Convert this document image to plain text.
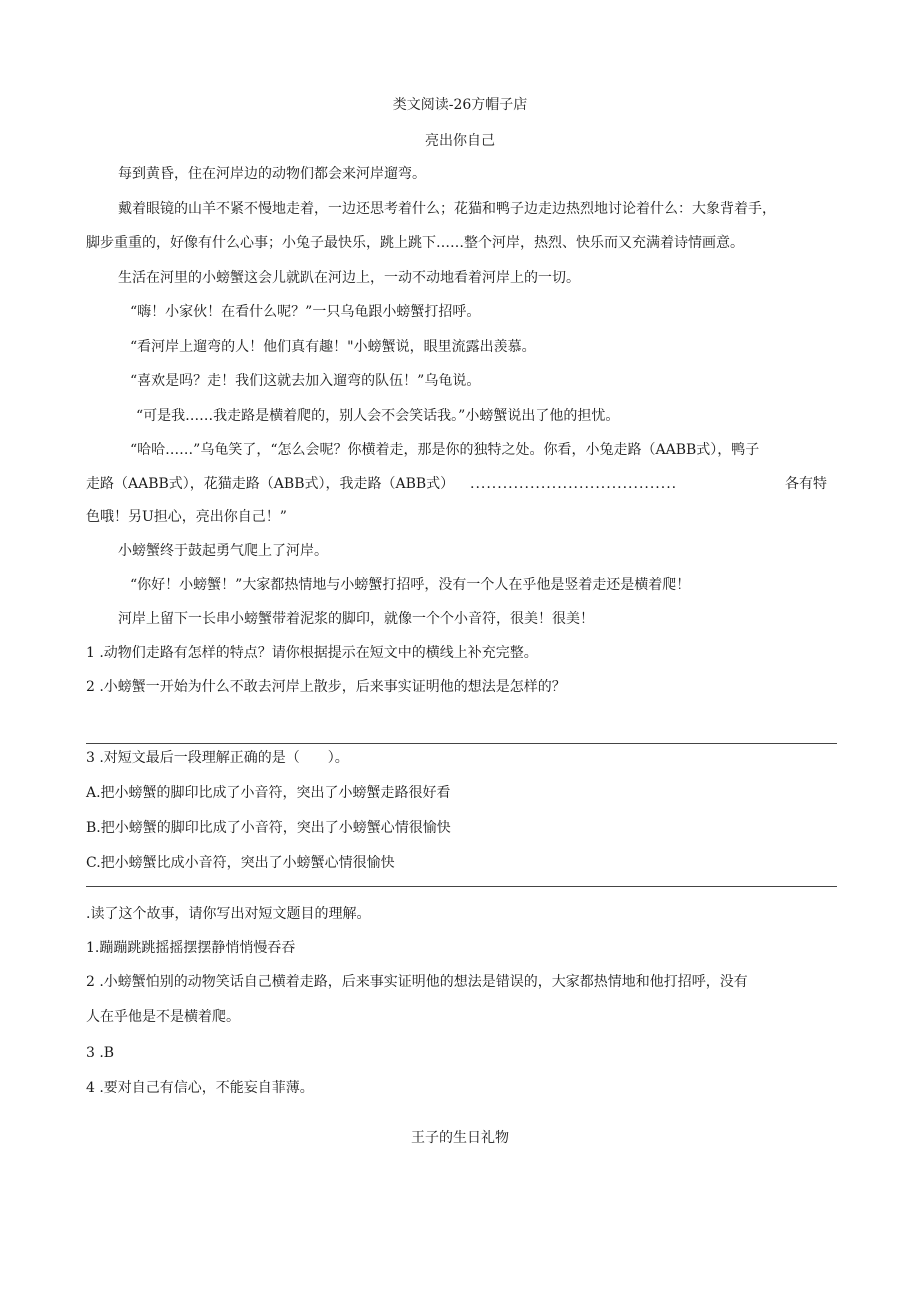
类文阅读-26方帽子店
亮出你自己
每到黄昏，住在河岸边的动物们都会来河岸遛弯。
戴着眼镜的山羊不紧不慢地走着，一边还思考着什么；花猫和鸭子边走边热烈地讨论着什么：大象背着手，
脚步重重的，好像有什么心事；小兔子最快乐，跳上跳下……整个河岸，热烈、快乐而又充满着诗情画意。
生活在河里的小螃蟹这会儿就趴在河边上，一动不动地看着河岸上的一切。
“嗨！小家伙！在看什么呢？”一只乌龟跟小螃蟹打招呼。
“看河岸上遛弯的人！他们真有趣！"小螃蟹说，眼里流露出羡慕。
“喜欢是吗？走！我们这就去加入遛弯的队伍！”乌龟说。
“可是我……我走路是横着爬的，别人会不会笑话我。”小螃蟹说出了他的担忧。
“哈哈……”乌龟笑了，“怎么会呢？你横着走，那是你的独特之处。你看，小兔走路（AABB式），鸭子
走路（AABB式），花猫走路（ABB式），我走路（ABB式） ......................................	各有特
色哦！另U担心，亮出你自己！”
小螃蟹终于鼓起勇气爬上了河岸。
“你好！小螃蟹！”大家都热情地与小螃蟹打招呼，没有一个人在乎他是竖着走还是横着爬！
河岸上留下一长串小螃蟹带着泥浆的脚印，就像一个个小音符，很美！很美！
1 .动物们走路有怎样的特点？请你根据提示在短文中的横线上补充完整。
2 .小螃蟹一开始为什么不敢去河岸上散步，后来事实证明他的想法是怎样的？
3 .对短文最后一段理解正确的是（　　）。
A.把小螃蟹的脚印比成了小音符，突出了小螃蟹走路很好看
B.把小螃蟹的脚印比成了小音符，突出了小螃蟹心情很愉快
C.把小螃蟹比成小音符，突出了小螃蟹心情很愉快
.读了这个故事，请你写出对短文题目的理解。
1.蹦蹦跳跳摇摇摆摆静悄悄慢吞吞
2 .小螃蟹怕别的动物笑话自己横着走路，后来事实证明他的想法是错误的，大家都热情地和他打招呼，没有
人在乎他是不是横着爬。
3 .B
4 .要对自己有信心，不能妄自菲薄。
王子的生日礼物
